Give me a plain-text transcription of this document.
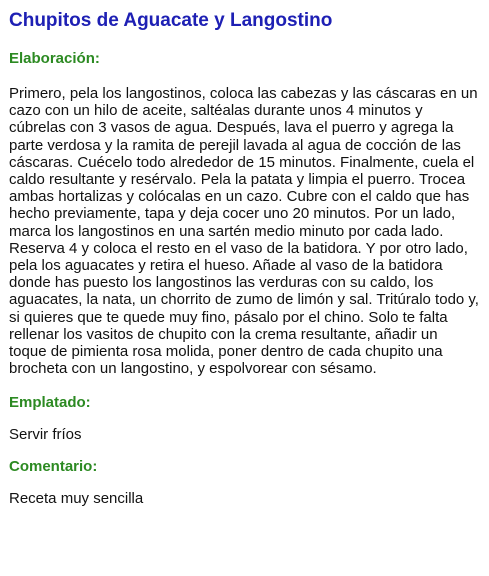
Chupitos de Aguacate y Langostino
Elaboración:

Primero, pela los langostinos, coloca las cabezas y las cáscaras en un cazo con un hilo de aceite, saltéalas durante unos 4 minutos y cúbrelas con 3 vasos de agua. Después, lava el puerro y agrega la parte verdosa y la ramita de perejil lavada al agua de cocción de las cáscaras. Cuécelo todo alrededor de 15 minutos. Finalmente, cuela el caldo resultante y resérvalo. Pela la patata y limpia el puerro. Trocea ambas hortalizas y colócalas en un cazo. Cubre con el caldo que has hecho previamente, tapa y deja cocer uno 20 minutos. Por un lado, marca los langostinos en una sartén medio minuto por cada lado. Reserva 4 y coloca el resto en el vaso de la batidora. Y por otro lado, pela los aguacates y retira el hueso. Añade al vaso de la batidora donde has puesto los langostinos las verduras con su caldo, los aguacates, la nata, un chorrito de zumo de limón y sal. Tritúralo todo y, si quieres que te quede muy fino, pásalo por el chino. Solo te falta rellenar los vasitos de chupito con la crema resultante, añadir un toque de pimienta rosa molida, poner dentro de cada chupito una brocheta con un langostino, y espolvorear con sésamo.

Emplatado:

Servir fríos

Comentario:

Receta muy sencilla
